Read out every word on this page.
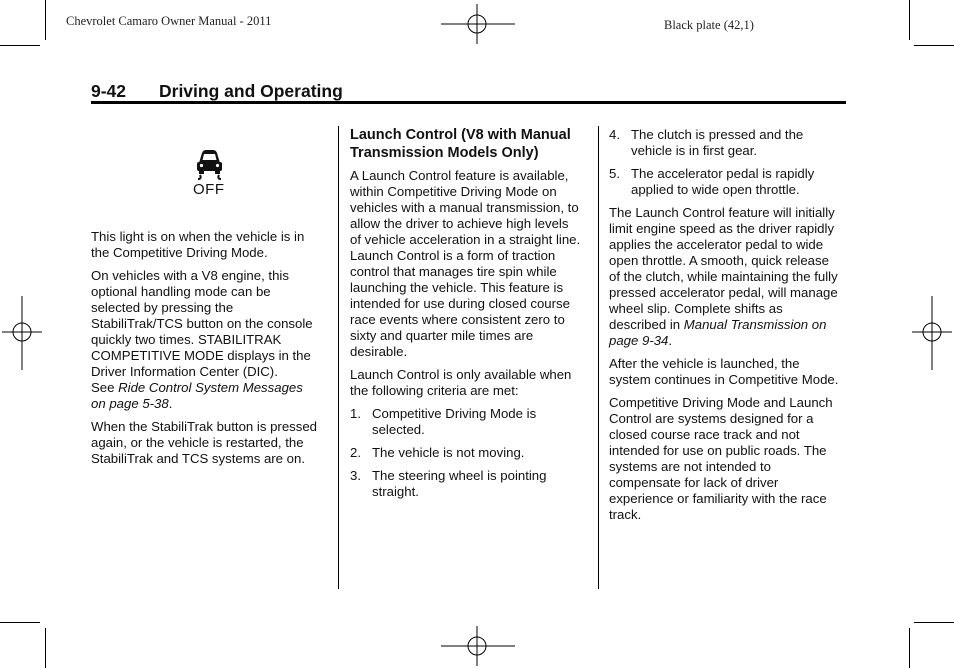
Chevrolet Camaro Owner Manual - 2011	Black plate (42,1)
9-42 Driving and Operating
OFF

This light is on when the vehicle is in the Competitive Driving Mode.

On vehicles with a V8 engine, this optional handling mode can be selected by pressing the StabiliTrak/TCS button on the console quickly two times. STABILITRAK COMPETITIVE MODE displays in the Driver Information Center (DIC).
See Ride Control System Messages on page 5-38.

When the StabiliTrak button is pressed again, or the vehicle is restarted, the StabiliTrak and TCS systems are on.

Launch Control (V8 with Manual Transmission Models Only)

A Launch Control feature is available, within Competitive Driving Mode on vehicles with a manual transmission, to allow the driver to achieve high levels of vehicle acceleration in a straight line. Launch Control is a form of traction control that manages tire spin while launching the vehicle. This feature is intended for use during closed course race events where consistent zero to sixty and quarter mile times are desirable.

Launch Control is only available when the following criteria are met:

1. Competitive Driving Mode is selected.
2. The vehicle is not moving.
3. The steering wheel is pointing straight.
4. The clutch is pressed and the vehicle is in first gear.
5. The accelerator pedal is rapidly applied to wide open throttle.

The Launch Control feature will initially limit engine speed as the driver rapidly applies the accelerator pedal to wide open throttle. A smooth, quick release of the clutch, while maintaining the fully pressed accelerator pedal, will manage wheel slip. Complete shifts as described in Manual Transmission on page 9-34.

After the vehicle is launched, the system continues in Competitive Mode.

Competitive Driving Mode and Launch Control are systems designed for a closed course race track and not intended for use on public roads. The systems are not intended to compensate for lack of driver experience or familiarity with the race track.
